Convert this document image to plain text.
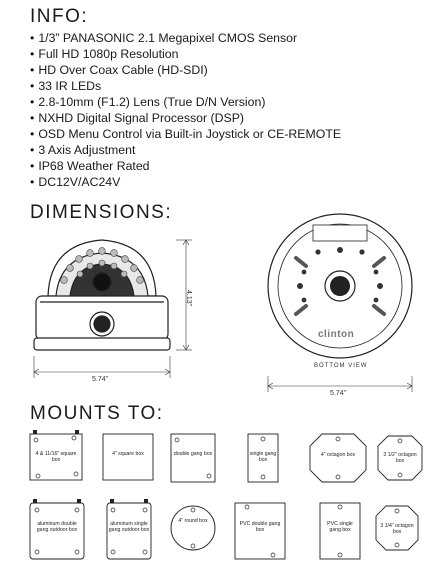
INFO:
• 1/3” PANASONIC 2.1 Megapixel CMOS Sensor
• Full HD 1080p Resolution
• HD Over Coax Cable (HD-SDI)
• 33 IR LEDs
• 2.8-10mm (F1.2) Lens (True D/N Version)
• NXHD Digital Signal Processor (DSP)
• OSD Menu Control via Built-in Joystick or CE-REMOTE
• 3 Axis Adjustment
• IP68 Weather Rated
• DC12V/AC24V
DIMENSIONS:
4.13”
5.74”
5.74”
BOTTOM VIEW
clinton
MOUNTS TO:
4 & 11/16” square box
4” square box	double gang box	single gang box
4” octagon box	3 1/2” octagon box
aluminum double gang outdoor box
aluminum single gang outdoor box
4” round box	PVC double gang box
PVC single gang box
3 1/4” octagon box
